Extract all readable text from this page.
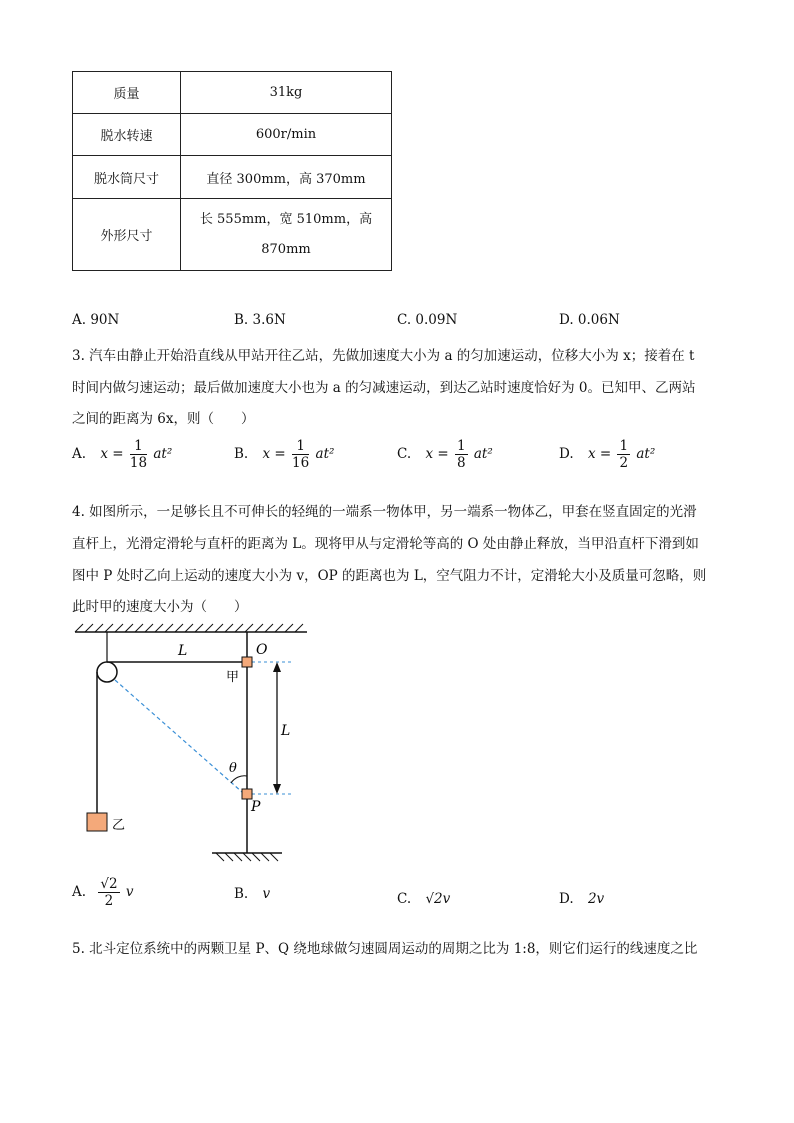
质量	31kg
脱水转速	600r/min
脱水筒尺寸	直径 300mm，高 370mm
外形尺寸	长 555mm，宽 510mm，高
870mm
A. 90N	B. 3.6N	C. 0.09N	D. 0.06N
3. 汽车由静止开始沿直线从甲站开往乙站，先做加速度大小为 a 的匀加速运动，位移大小为 x；接着在 t
时间内做匀速运动；最后做加速度大小也为 a 的匀减速运动，到达乙站时速度恰好为 0。已知甲、乙两站
之间的距离为 6x，则（　　）
A. $x = \frac{1}{18} at^2$	B. $x = \frac{1}{16} at^2$	C. $x = \frac{1}{8} at^2$	D. $x = \frac{1}{2} at^2$
4. 如图所示，一足够长且不可伸长的轻绳的一端系一物体甲，另一端系一物体乙，甲套在竖直固定的光滑
直杆上，光滑定滑轮与直杆的距离为 L。现将甲从与定滑轮等高的 O 处由静止释放，当甲沿直杆下滑到如
图中 P 处时乙向上运动的速度大小为 v，OP 的距离也为 L，空气阻力不计，定滑轮大小及质量可忽略，则
此时甲的速度大小为（　　）
L	O
甲
L
θ
P
乙
A. $\frac{√2}{2}$ v	B. v	C. √2v	D. 2v
5. 北斗定位系统中的两颗卫星 P、Q 绕地球做匀速圆周运动的周期之比为 1:8，则它们运行的线速度之比
